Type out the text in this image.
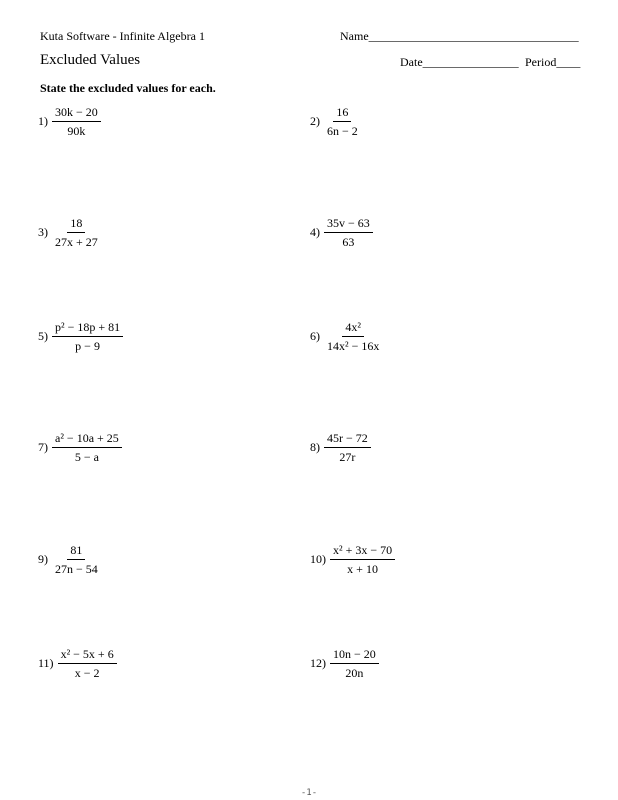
Kuta Software - Infinite Algebra 1	Name___________________________________
Excluded Values	Date________________ Period____
State the excluded values for each.
$1) \frac{30k - 20}{90k}$	$2) \frac{16}{6n - 2}$
$3) \frac{18}{27x + 27}$	$4) \frac{35v - 63}{63}$
$5) \frac{\text{p² − 18p + 81}}{p - 9}$	$6) \frac{\text{4x²}}{\text{14x² − 16x}}$
$7) \frac{\text{a² − 10a + 25}}{5 - a}$	$8) \frac{45r - 72}{27r}$
$9) \frac{81}{27n - 54}$	$10) \frac{\text{x² + 3x − 70}}{x + 10}$
$11) \frac{\text{x² − 5x + 6}}{x - 2}$	$12) \frac{10n - 20}{20n}$
-1-
